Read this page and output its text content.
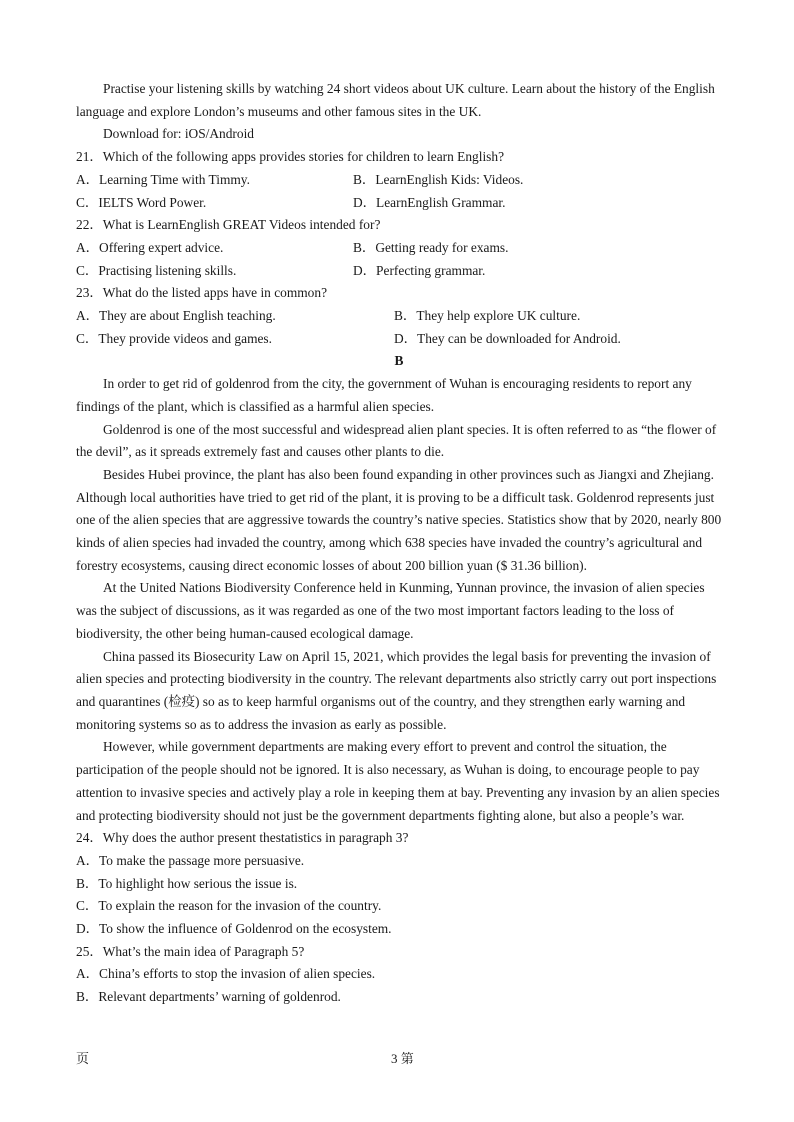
Practise your listening skills by watching 24 short videos about UK culture. Learn about the history of the English language and explore London’s museums and other famous sites in the UK.

Download for: iOS/Android

21．Which of the following apps provides stories for children to learn English?

A．Learning Time with Timmy.	B．LearnEnglish Kids: Videos.
C．IELTS Word Power.	D．LearnEnglish Grammar.

22．What is LearnEnglish GREAT Videos intended for?

A．Offering expert advice.	B．Getting ready for exams.
C．Practising listening skills.	D．Perfecting grammar.

23．What do the listed apps have in common?

A．They are about English teaching.	B．They help explore UK culture.
C．They provide videos and games.	D．They can be downloaded for Android.

B

In order to get rid of goldenrod from the city, the government of Wuhan is encouraging residents to report any findings of the plant, which is classified as a harmful alien species.

Goldenrod is one of the most successful and widespread alien plant species. It is often referred to as “the flower of the devil”, as it spreads extremely fast and causes other plants to die.

Besides Hubei province, the plant has also been found expanding in other provinces such as Jiangxi and Zhejiang. Although local authorities have tried to get rid of the plant, it is proving to be a difficult task. Goldenrod represents just one of the alien species that are aggressive towards the country’s native species. Statistics show that by 2020, nearly 800 kinds of alien species had invaded the country, among which 638 species have invaded the country’s agricultural and forestry ecosystems, causing direct economic losses of about 200 billion yuan ($ 31.36 billion).

At the United Nations Biodiversity Conference held in Kunming, Yunnan province, the invasion of alien species was the subject of discussions, as it was regarded as one of the two most important factors leading to the loss of biodiversity, the other being human-caused ecological damage.

China passed its Biosecurity Law on April 15, 2021, which provides the legal basis for preventing the invasion of alien species and protecting biodiversity in the country. The relevant departments also strictly carry out port inspections and quarantines (检疫) so as to keep harmful organisms out of the country, and they strengthen early warning and monitoring systems so as to address the invasion as early as possible.

However, while government departments are making every effort to prevent and control the situation, the participation of the people should not be ignored. It is also necessary, as Wuhan is doing, to encourage people to pay attention to invasive species and actively play a role in keeping them at bay. Preventing any invasion by an alien species and protecting biodiversity should not just be the government departments fighting alone, but also a people’s war.

24．Why does the author present thestatistics in paragraph 3?

A．To make the passage more persuasive.

B．To highlight how serious the issue is.

C．To explain the reason for the invasion of the country.

D．To show the influence of Goldenrod on the ecosystem.

25．What’s the main idea of Paragraph 5?

A．China’s efforts to stop the invasion of alien species.

B．Relevant departments’ warning of goldenrod.

页	3 第
